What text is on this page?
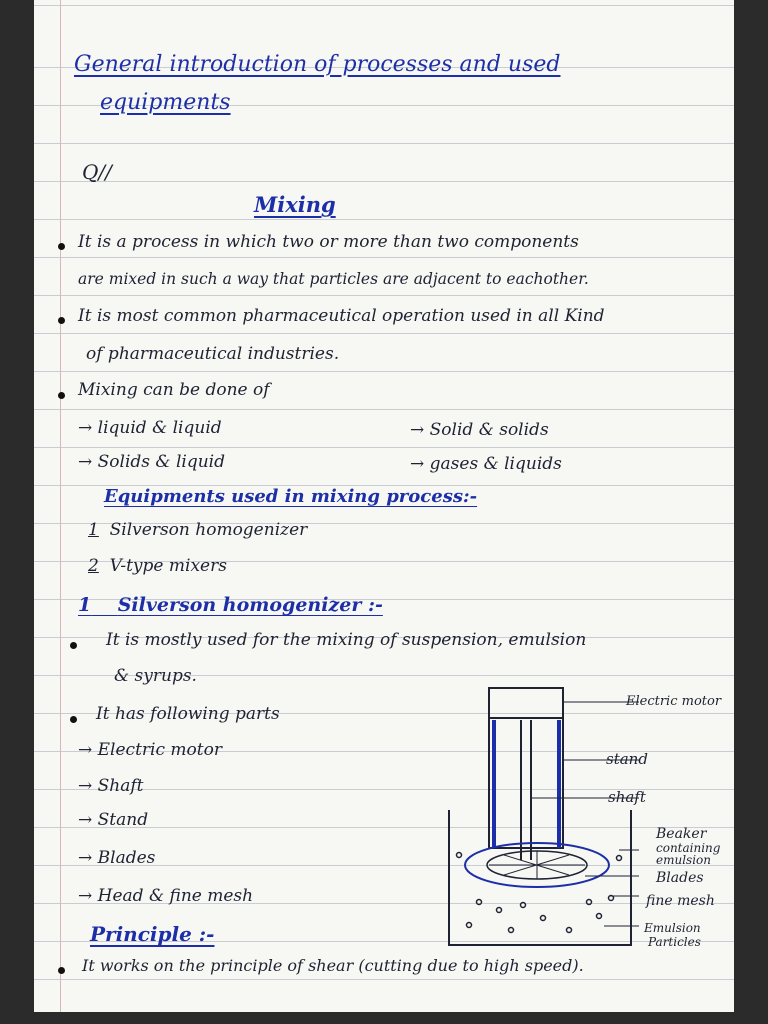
General introduction of processes and used
equipments
Q//
Mixing
It is a process in which two or more than two components
are mixed in such a way that particles are adjacent to eachother.
It is most common pharmaceutical operation used in all Kind
of pharmaceutical industries.
Mixing can be done of
→ liquid & liquid	→ Solid & solids
→ Solids & liquid	→ gases & liquids
Equipments used in mixing process:-
1 Silverson homogenizer
2 V-type mixers
1 Silverson homogenizer :-
It is mostly used for the mixing of suspension, emulsion
& syrups.
It has following parts
→ Electric motor
→ Shaft
→ Stand
→ Blades
→ Head & fine mesh
Principle :-
It works on the principle of shear (cutting due to high speed).
Electric motor
stand
shaft
Beaker
containing
emulsion
Blades
fine mesh
Emulsion
Particles
